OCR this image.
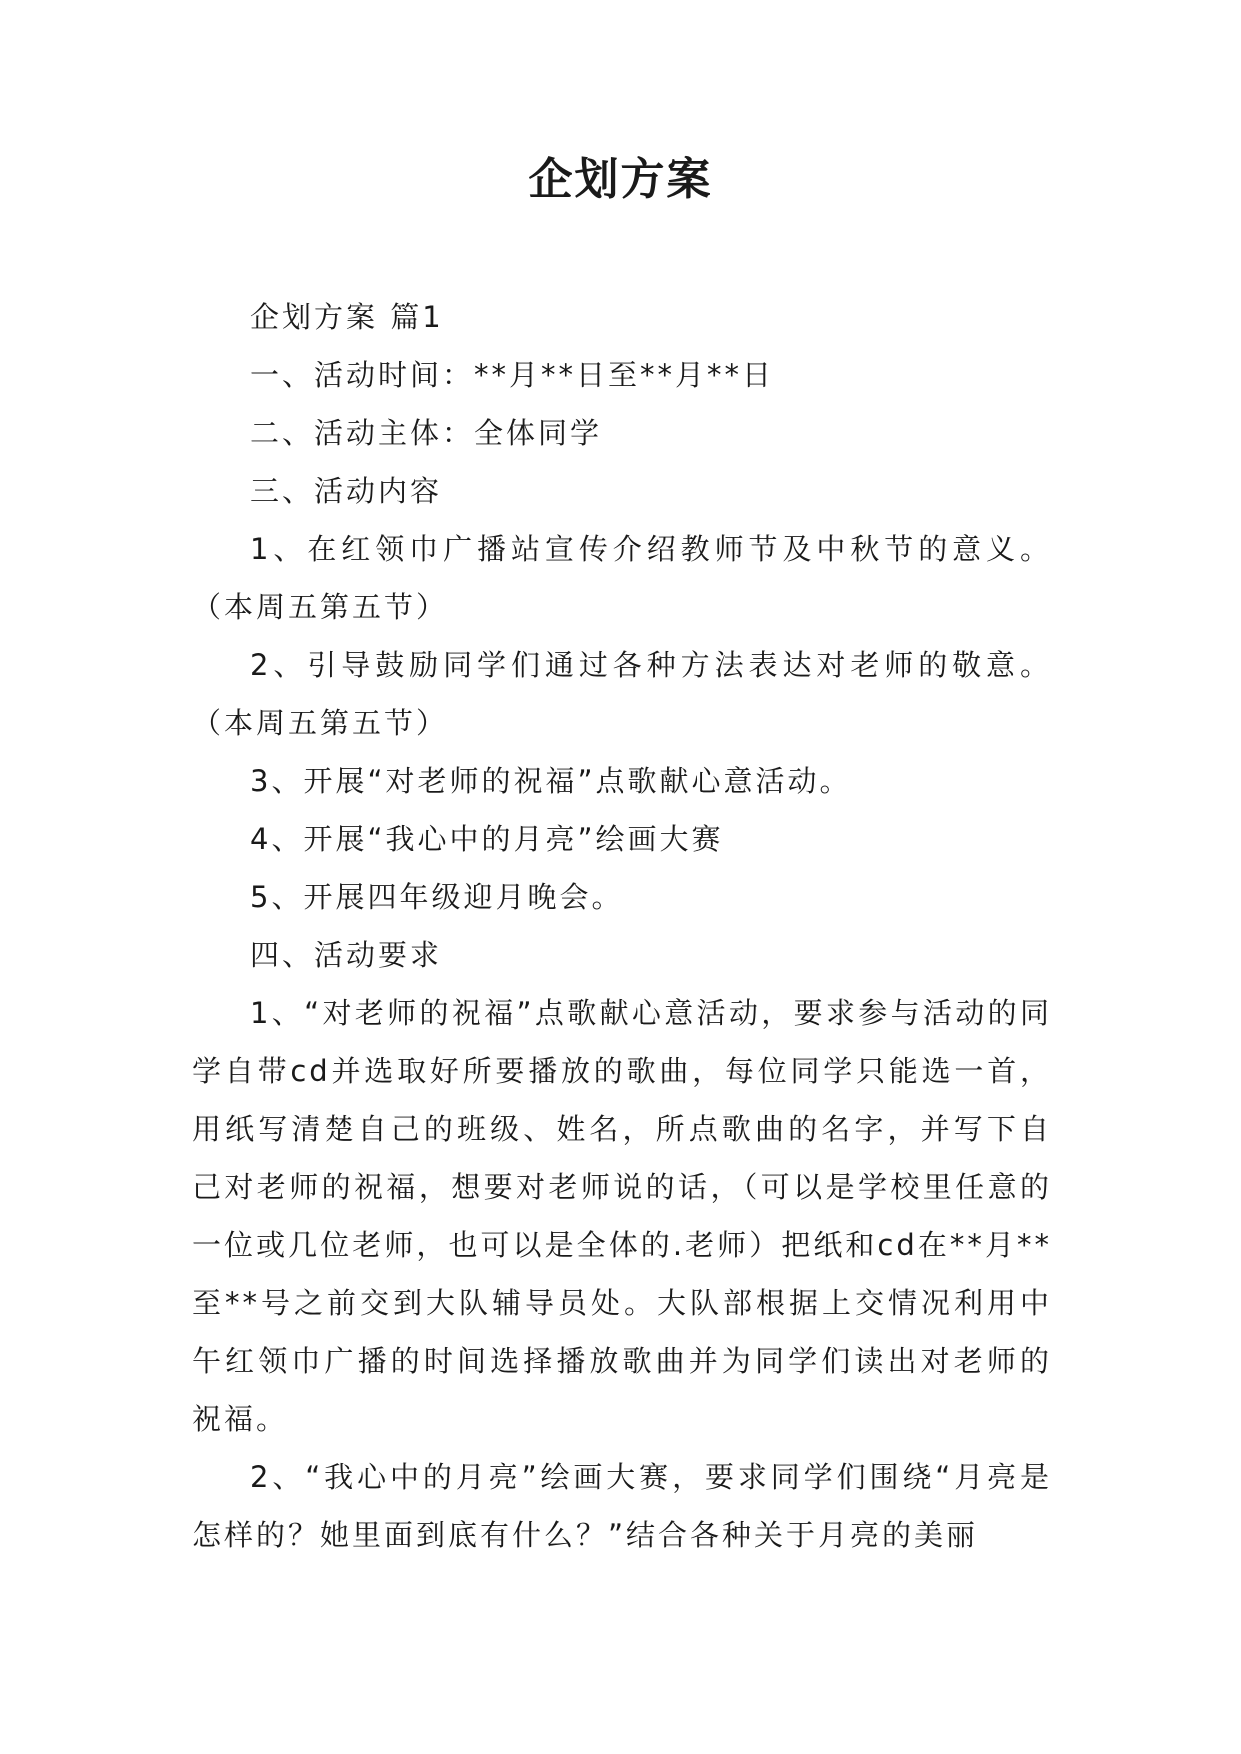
企划方案

企划方案 篇1

一、活动时间：**月**日至**月**日

二、活动主体：全体同学

三、活动内容

1、在红领巾广播站宣传介绍教师节及中秋节的意义。（本周五第五节）

2、引导鼓励同学们通过各种方法表达对老师的敬意。（本周五第五节）

3、开展“对老师的祝福”点歌献心意活动。

4、开展“我心中的月亮”绘画大赛

5、开展四年级迎月晚会。

四、活动要求

1、“对老师的祝福”点歌献心意活动，要求参与活动的同学自带cd并选取好所要播放的歌曲，每位同学只能选一首，用纸写清楚自己的班级、姓名，所点歌曲的名字，并写下自己对老师的祝福，想要对老师说的话，（可以是学校里任意的一位或几位老师，也可以是全体的.老师）把纸和cd在**月**至**号之前交到大队辅导员处。大队部根据上交情况利用中午红领巾广播的时间选择播放歌曲并为同学们读出对老师的祝福。

2、“我心中的月亮”绘画大赛，要求同学们围绕“月亮是怎样的？她里面到底有什么？”结合各种关于月亮的美丽
